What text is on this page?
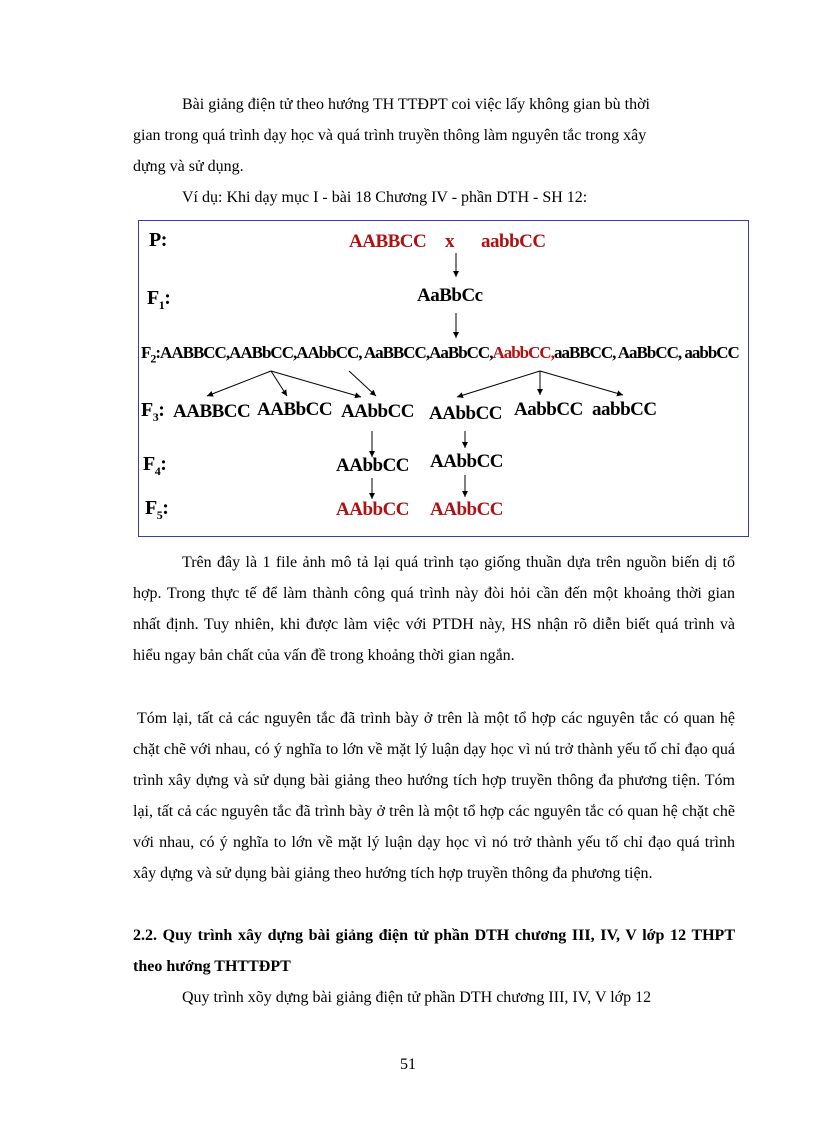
Bài giảng điện tử theo hướng TH TTĐPT coi việc lấy không gian bù thời
gian trong quá trình dạy học và quá trình truyền thông làm nguyên tắc trong xây
dựng và sử dụng.
Ví dụ: Khi dạy mục I - bài 18 Chương IV - phần DTH - SH 12:
P:	AABBCC x aabbCC
$F_1$:	AaBbCc
$F_2:AABBCC,AABbCC,AAbbCC$, AaBBCC,AaBbCC,AabbCC,aaBBCC, AaBbCC, aabbCC
$F_3$: AABBCC AABbCC AAbbCC AAbbCC AabbCC aabbCC
$F_4$:	AAbbCC AAbbCC
$F_5$:	AAbbCC AAbbCC
Trên đây là 1 file ảnh mô tả lại quá trình tạo giống thuần dựa trên nguồn biến dị tổ hợp. Trong thực tế để làm thành công quá trình này đòi hỏi cần đến một khoảng thời gian nhất định. Tuy nhiên, khi được làm việc với PTDH này, HS nhận rõ diễn biết quá trình và hiểu ngay bản chất của vấn đề trong khoảng thời gian ngắn.
Tóm lại, tất cả các nguyên tắc đã trình bày ở trên là một tổ hợp các nguyên tắc có quan hệ chặt chẽ với nhau, có ý nghĩa to lớn về mặt lý luận dạy học vì nú trở thành yếu tố chỉ đạo quá trình xây dựng và sử dụng bài giảng theo hướng tích hợp truyền thông đa phương tiện. Tóm lại, tất cả các nguyên tắc đã trình bày ở trên là một tổ hợp các nguyên tắc có quan hệ chặt chẽ với nhau, có ý nghĩa to lớn về mặt lý luận dạy học vì nó trở thành yếu tố chỉ đạo quá trình xây dựng và sử dụng bài giảng theo hướng tích hợp truyền thông đa phương tiện.
2.2. Quy trình xây dựng bài giảng điện tử phần DTH chương III, IV, V lớp 12 THPT theo hướng THTTĐPT
Quy trình xõy dựng bài giảng điện tử phần DTH chương III, IV, V lớp 12
51
